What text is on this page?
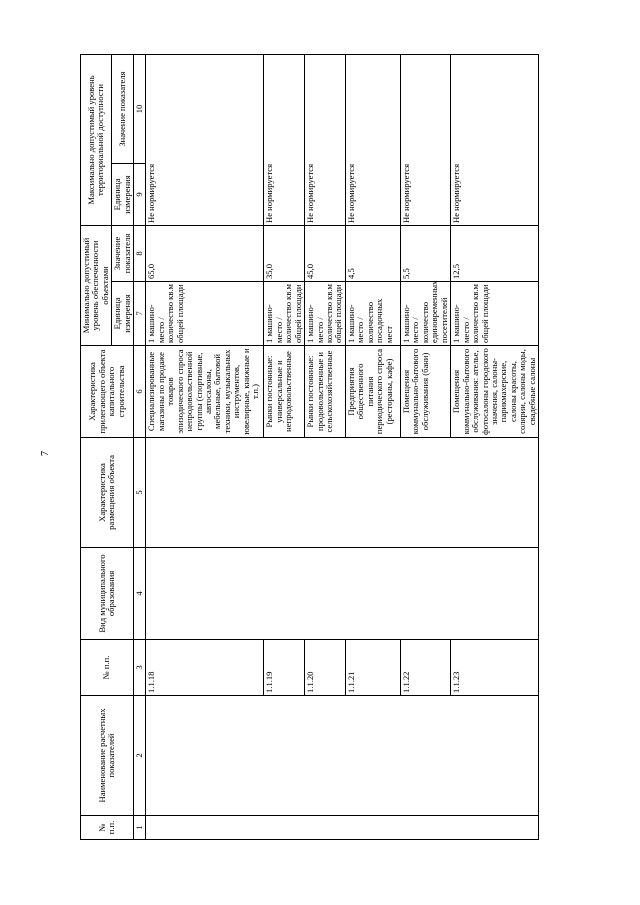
7
№ п.п.	Наименование расчетных показателей	№ п.п.	Вид муниципального образования	Характеристика размещения объекта	Характеристика прилегающего объекта капитального строительства	Минимально допустимый уровень обеспеченности объектами		Максимально допустимый уровень территориальной доступности	
						Единица измерения	Значение показателя	Единица измерения	Значение показателя
1	2	3	4	5	6	7	8	9	10
		1.1.18			Специализированные магазины по продаже товаров эпизодического спроса непродовольственной группы (спортивные, автосалоны, мебельные, бытовой техники, музыкальных инструментов, ювелирные, книжные и т.п.)	1 машино-место / количество кв.м общей площади	65,0	Не нормируется	
		1.1.19			Рынки постоянные: универсальные и непродовольственные	1 машино-место / количество кв.м общей площади	35,0	Не нормируется	
		1.1.20			Рынки постоянные: продовольственные и сельскохозяйственные	1 машино-место / количество кв.м общей площади	45,0	Не нормируется	
		1.1.21			Предприятия общественного питания периодического спроса (рестораны, кафе)	1 машино-место / количество посадочных мест	4,5	Не нормируется	
		1.1.22			Помещения коммунально-бытового обслуживания (бани)	1 машино-место / количество единовременных посетителей	5,5	Не нормируется	
		1.1.23			Помещения коммунально-бытового обслуживания: ателье, фотосалоны городского значения, салоны-парикмахерские, салоны красоты, солярии, салоны моды, свадебные салоны	1 машино-место / количество кв.м общей площади	12,5	Не нормируется	
